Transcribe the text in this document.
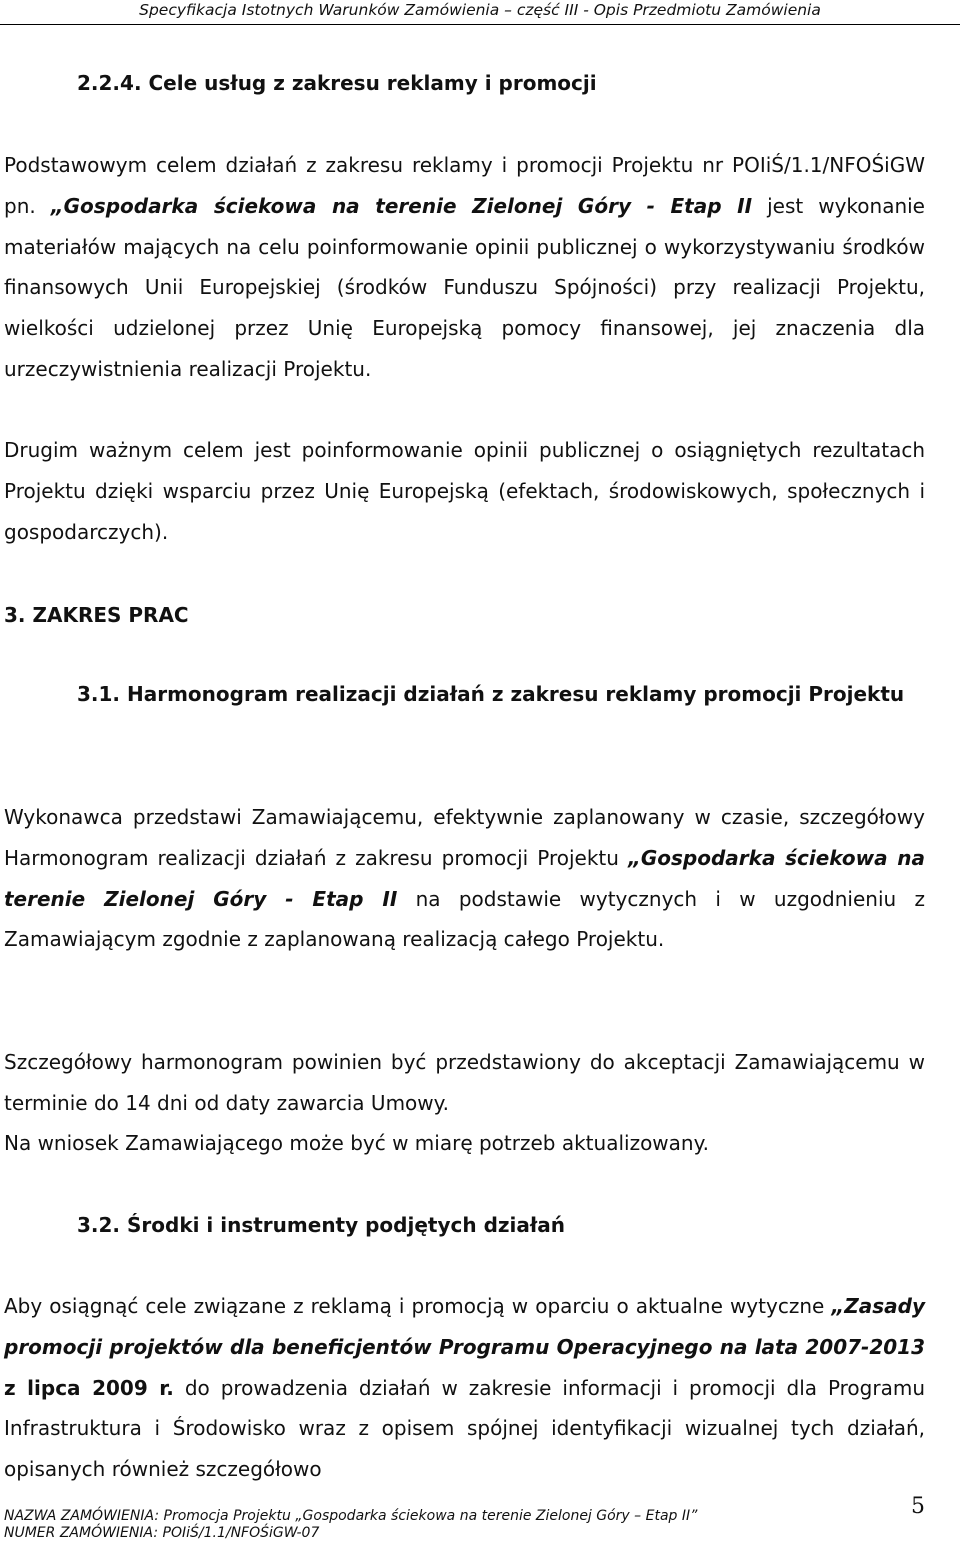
Specyfikacja Istotnych Warunków Zamówienia – część III - Opis Przedmiotu Zamówienia
2.2.4. Cele usług z zakresu reklamy i promocji

Podstawowym celem działań z zakresu reklamy i promocji Projektu nr POIiŚ/1.1/NFOŚiGW pn. „Gospodarka ściekowa na terenie Zielonej Góry - Etap II jest wykonanie materiałów mających na celu poinformowanie opinii publicznej o wykorzystywaniu środków finansowych Unii Europejskiej (środków Funduszu Spójności) przy realizacji Projektu, wielkości udzielonej przez Unię Europejską pomocy finansowej, jej znaczenia dla urzeczywistnienia realizacji Projektu.

Drugim ważnym celem jest poinformowanie opinii publicznej o osiągniętych rezultatach Projektu dzięki wsparciu przez Unię Europejską (efektach, środowiskowych, społecznych i gospodarczych).

3. ZAKRES PRAC

3.1. Harmonogram realizacji działań z zakresu reklamy promocji Projektu

Wykonawca przedstawi Zamawiającemu, efektywnie zaplanowany w czasie, szczegółowy Harmonogram realizacji działań z zakresu promocji Projektu „Gospodarka ściekowa na terenie Zielonej Góry - Etap II na podstawie wytycznych i w uzgodnieniu z Zamawiającym zgodnie z zaplanowaną realizacją całego Projektu.

Szczegółowy harmonogram powinien być przedstawiony do akceptacji Zamawiającemu w terminie do 14 dni od daty zawarcia Umowy.

Na wniosek Zamawiającego może być w miarę potrzeb aktualizowany.

3.2. Środki i instrumenty podjętych działań

Aby osiągnąć cele związane z reklamą i promocją w oparciu o aktualne wytyczne „Zasady promocji projektów dla beneficjentów Programu Operacyjnego na lata 2007-2013 z lipca 2009 r. do prowadzenia działań w zakresie informacji i promocji dla Programu Infrastruktura i Środowisko wraz z opisem spójnej identyfikacji wizualnej tych działań, opisanych również szczegółowo

NAZWA ZAMÓWIENIA: Promocja Projektu „Gospodarka ściekowa na terenie Zielonej Góry – Etap II”
NUMER ZAMÓWIENIA: POIiŚ/1.1/NFOŚiGW-07
5
